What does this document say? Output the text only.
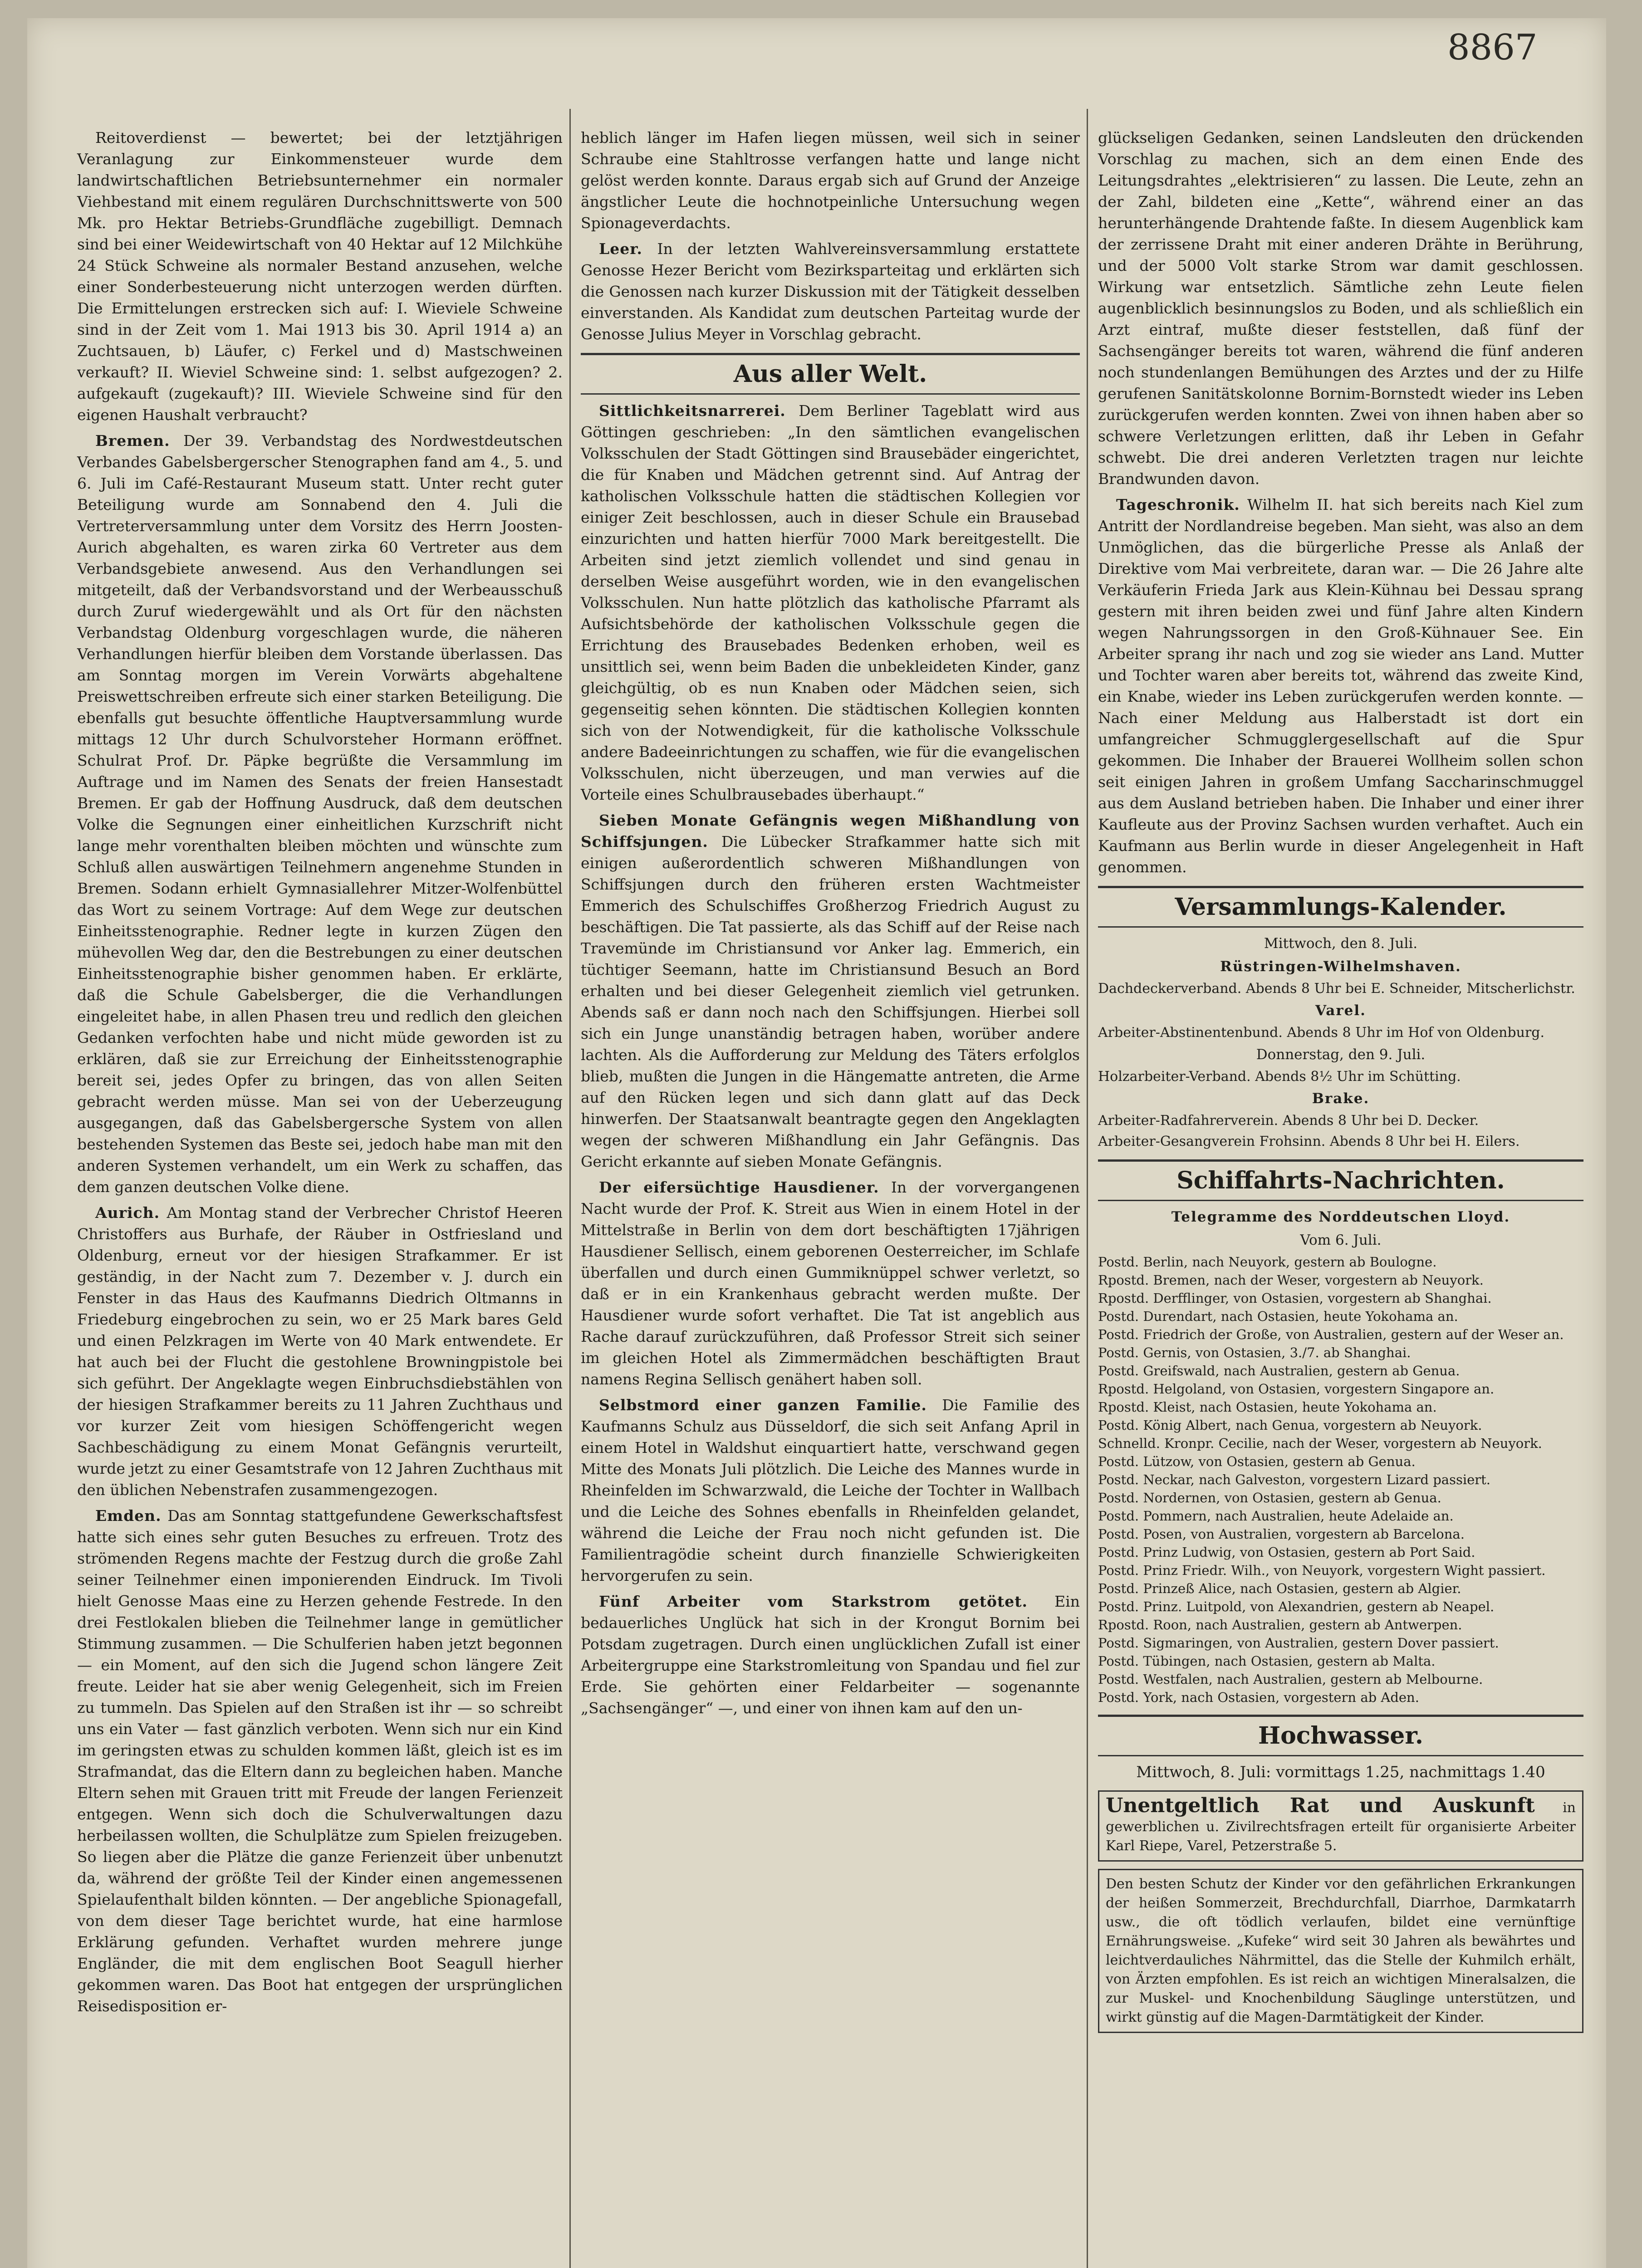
8867

Reitoverdienst — bewertet; bei der letztjährigen Veranlagung zur Einkommensteuer wurde dem landwirtschaftlichen Betriebsunternehmer ein normaler Viehbestand mit einem regulären Durchschnittswerte von 500 Mk. pro Hektar Betriebs-Grundfläche zugebilligt. Demnach sind bei einer Weidewirtschaft von 40 Hektar auf 12 Milchkühe 24 Stück Schweine als normaler Bestand anzusehen, welche einer Sonderbesteuerung nicht unterzogen werden dürften. Die Ermittelungen erstrecken sich auf: I. Wieviele Schweine sind in der Zeit vom 1. Mai 1913 bis 30. April 1914 a) an Zuchtsauen, b) Läufer, c) Ferkel und d) Mastschweinen verkauft? II. Wieviel Schweine sind: 1. selbst aufgezogen? 2. aufgekauft (zugekauft)? III. Wieviele Schweine sind für den eigenen Haushalt verbraucht?

Bremen. Der 39. Verbandstag des Nordwestdeutschen Verbandes Gabelsbergerscher Stenographen fand am 4., 5. und 6. Juli im Café-Restaurant Museum statt. Unter recht guter Beteiligung wurde am Sonnabend den 4. Juli die Vertreterversammlung unter dem Vorsitz des Herrn Joosten-Aurich abgehalten, es waren zirka 60 Vertreter aus dem Verbandsgebiete anwesend. Aus den Verhandlungen sei mitgeteilt, daß der Verbandsvorstand und der Werbeausschuß durch Zuruf wiedergewählt und als Ort für den nächsten Verbandstag Oldenburg vorgeschlagen wurde, die näheren Verhandlungen hierfür bleiben dem Vorstande überlassen. Das am Sonntag morgen im Verein Vorwärts abgehaltene Preiswettschreiben erfreute sich einer starken Beteiligung. Die ebenfalls gut besuchte öffentliche Hauptversammlung wurde mittags 12 Uhr durch Schulvorsteher Hormann eröffnet. Schulrat Prof. Dr. Päpke begrüßte die Versammlung im Auftrage und im Namen des Senats der freien Hansestadt Bremen. Er gab der Hoffnung Ausdruck, daß dem deutschen Volke die Segnungen einer einheitlichen Kurzschrift nicht lange mehr vorenthalten bleiben möchten und wünschte zum Schluß allen auswärtigen Teilnehmern angenehme Stunden in Bremen. Sodann erhielt Gymnasiallehrer Mitzer-Wolfenbüttel das Wort zu seinem Vortrage: Auf dem Wege zur deutschen Einheitsstenographie. Redner legte in kurzen Zügen den mühevollen Weg dar, den die Bestrebungen zu einer deutschen Einheitsstenographie bisher genommen haben. Er erklärte, daß die Schule Gabelsberger, die die Verhandlungen eingeleitet habe, in allen Phasen treu und redlich den gleichen Gedanken verfochten habe und nicht müde geworden ist zu erklären, daß sie zur Erreichung der Einheitsstenographie bereit sei, jedes Opfer zu bringen, das von allen Seiten gebracht werden müsse. Man sei von der Ueberzeugung ausgegangen, daß das Gabelsbergersche System von allen bestehenden Systemen das Beste sei, jedoch habe man mit den anderen Systemen verhandelt, um ein Werk zu schaffen, das dem ganzen deutschen Volke diene.

Aurich. Am Montag stand der Verbrecher Christof Heeren Christoffers aus Burhafe, der Räuber in Ostfriesland und Oldenburg, erneut vor der hiesigen Strafkammer. Er ist geständig, in der Nacht zum 7. Dezember v. J. durch ein Fenster in das Haus des Kaufmanns Diedrich Oltmanns in Friedeburg eingebrochen zu sein, wo er 25 Mark bares Geld und einen Pelzkragen im Werte von 40 Mark entwendete. Er hat auch bei der Flucht die gestohlene Browningpistole bei sich geführt. Der Angeklagte wegen Einbruchsdiebstählen von der hiesigen Strafkammer bereits zu 11 Jahren Zuchthaus und vor kurzer Zeit vom hiesigen Schöffengericht wegen Sachbeschädigung zu einem Monat Gefängnis verurteilt, wurde jetzt zu einer Gesamtstrafe von 12 Jahren Zuchthaus mit den üblichen Nebenstrafen zusammengezogen.

Emden. Das am Sonntag stattgefundene Gewerkschaftsfest hatte sich eines sehr guten Besuches zu erfreuen. Trotz des strömenden Regens machte der Festzug durch die große Zahl seiner Teilnehmer einen imponierenden Eindruck. Im Tivoli hielt Genosse Maas eine zu Herzen gehende Festrede. In den drei Festlokalen blieben die Teilnehmer lange in gemütlicher Stimmung zusammen. — Die Schulferien haben jetzt begonnen — ein Moment, auf den sich die Jugend schon längere Zeit freute. Leider hat sie aber wenig Gelegenheit, sich im Freien zu tummeln. Das Spielen auf den Straßen ist ihr — so schreibt uns ein Vater — fast gänzlich verboten. Wenn sich nur ein Kind im geringsten etwas zu schulden kommen läßt, gleich ist es im Strafmandat, das die Eltern dann zu begleichen haben. Manche Eltern sehen mit Grauen tritt mit Freude der langen Ferienzeit entgegen. Wenn sich doch die Schulverwaltungen dazu herbeilassen wollten, die Schulplätze zum Spielen freizugeben. So liegen aber die Plätze die ganze Ferienzeit über unbenutzt da, während der größte Teil der Kinder einen angemessenen Spielaufenthalt bilden könnten. — Der angebliche Spionagefall, von dem dieser Tage berichtet wurde, hat eine harmlose Erklärung gefunden. Verhaftet wurden mehrere junge Engländer, die mit dem englischen Boot Seagull hierher gekommen waren. Das Boot hat entgegen der ursprünglichen Reisedisposition er-

heblich länger im Hafen liegen müssen, weil sich in seiner Schraube eine Stahltrosse verfangen hatte und lange nicht gelöst werden konnte. Daraus ergab sich auf Grund der Anzeige ängstlicher Leute die hochnotpeinliche Untersuchung wegen Spionageverdachts.

Leer. In der letzten Wahlvereinsversammlung erstattete Genosse Hezer Bericht vom Bezirksparteitag und erklärten sich die Genossen nach kurzer Diskussion mit der Tätigkeit desselben einverstanden. Als Kandidat zum deutschen Parteitag wurde der Genosse Julius Meyer in Vorschlag gebracht.

Aus aller Welt.

Sittlichkeitsnarrerei. Dem Berliner Tageblatt wird aus Göttingen geschrieben: „In den sämtlichen evangelischen Volksschulen der Stadt Göttingen sind Brausebäder eingerichtet, die für Knaben und Mädchen getrennt sind. Auf Antrag der katholischen Volksschule hatten die städtischen Kollegien vor einiger Zeit beschlossen, auch in dieser Schule ein Brausebad einzurichten und hatten hierfür 7000 Mark bereitgestellt. Die Arbeiten sind jetzt ziemlich vollendet und sind genau in derselben Weise ausgeführt worden, wie in den evangelischen Volksschulen. Nun hatte plötzlich das katholische Pfarramt als Aufsichtsbehörde der katholischen Volksschule gegen die Errichtung des Brausebades Bedenken erhoben, weil es unsittlich sei, wenn beim Baden die unbekleideten Kinder, ganz gleichgültig, ob es nun Knaben oder Mädchen seien, sich gegenseitig sehen könnten. Die städtischen Kollegien konnten sich von der Notwendigkeit, für die katholische Volksschule andere Badeeinrichtungen zu schaffen, wie für die evangelischen Volksschulen, nicht überzeugen, und man verwies auf die Vorteile eines Schulbrausebades überhaupt.“

Sieben Monate Gefängnis wegen Mißhandlung von Schiffsjungen. Die Lübecker Strafkammer hatte sich mit einigen außerordentlich schweren Mißhandlungen von Schiffsjungen durch den früheren ersten Wachtmeister Emmerich des Schulschiffes Großherzog Friedrich August zu beschäftigen. Die Tat passierte, als das Schiff auf der Reise nach Travemünde im Christiansund vor Anker lag. Emmerich, ein tüchtiger Seemann, hatte im Christiansund Besuch an Bord erhalten und bei dieser Gelegenheit ziemlich viel getrunken. Abends saß er dann noch nach den Schiffsjungen. Hierbei soll sich ein Junge unanständig betragen haben, worüber andere lachten. Als die Aufforderung zur Meldung des Täters erfolglos blieb, mußten die Jungen in die Hängematte antreten, die Arme auf den Rücken legen und sich dann glatt auf das Deck hinwerfen. Der Staatsanwalt beantragte gegen den Angeklagten wegen der schweren Mißhandlung ein Jahr Gefängnis. Das Gericht erkannte auf sieben Monate Gefängnis.

Der eifersüchtige Hausdiener. In der vorvergangenen Nacht wurde der Prof. K. Streit aus Wien in einem Hotel in der Mittelstraße in Berlin von dem dort beschäftigten 17jährigen Hausdiener Sellisch, einem geborenen Oesterreicher, im Schlafe überfallen und durch einen Gummiknüppel schwer verletzt, so daß er in ein Krankenhaus gebracht werden mußte. Der Hausdiener wurde sofort verhaftet. Die Tat ist angeblich aus Rache darauf zurückzuführen, daß Professor Streit sich seiner im gleichen Hotel als Zimmermädchen beschäftigten Braut namens Regina Sellisch genähert haben soll.

Selbstmord einer ganzen Familie. Die Familie des Kaufmanns Schulz aus Düsseldorf, die sich seit Anfang April in einem Hotel in Waldshut einquartiert hatte, verschwand gegen Mitte des Monats Juli plötzlich. Die Leiche des Mannes wurde in Rheinfelden im Schwarzwald, die Leiche der Tochter in Wallbach und die Leiche des Sohnes ebenfalls in Rheinfelden gelandet, während die Leiche der Frau noch nicht gefunden ist. Die Familientragödie scheint durch finanzielle Schwierigkeiten hervorgerufen zu sein.

Fünf Arbeiter vom Starkstrom getötet. Ein bedauerliches Unglück hat sich in der Krongut Bornim bei Potsdam zugetragen. Durch einen unglücklichen Zufall ist einer Arbeitergruppe eine Starkstromleitung von Spandau und fiel zur Erde. Sie gehörten einer Feldarbeiter — sogenannte „Sachsengänger“ —, und einer von ihnen kam auf den un-

glückseligen Gedanken, seinen Landsleuten den drückenden Vorschlag zu machen, sich an dem einen Ende des Leitungsdrahtes „elektrisieren“ zu lassen. Die Leute, zehn an der Zahl, bildeten eine „Kette“, während einer an das herunterhängende Drahtende faßte. In diesem Augenblick kam der zerrissene Draht mit einer anderen Drähte in Berührung, und der 5000 Volt starke Strom war damit geschlossen. Wirkung war entsetzlich. Sämtliche zehn Leute fielen augenblicklich besinnungslos zu Boden, und als schließlich ein Arzt eintraf, mußte dieser feststellen, daß fünf der Sachsengänger bereits tot waren, während die fünf anderen noch stundenlangen Bemühungen des Arztes und der zu Hilfe gerufenen Sanitätskolonne Bornim-Bornstedt wieder ins Leben zurückgerufen werden konnten. Zwei von ihnen haben aber so schwere Verletzungen erlitten, daß ihr Leben in Gefahr schwebt. Die drei anderen Verletzten tragen nur leichte Brandwunden davon.

Tageschronik. Wilhelm II. hat sich bereits nach Kiel zum Antritt der Nordlandreise begeben. Man sieht, was also an dem Unmöglichen, das die bürgerliche Presse als Anlaß der Direktive vom Mai verbreitete, daran war. — Die 26 Jahre alte Verkäuferin Frieda Jark aus Klein-Kühnau bei Dessau sprang gestern mit ihren beiden zwei und fünf Jahre alten Kindern wegen Nahrungssorgen in den Groß-Kühnauer See. Ein Arbeiter sprang ihr nach und zog sie wieder ans Land. Mutter und Tochter waren aber bereits tot, während das zweite Kind, ein Knabe, wieder ins Leben zurückgerufen werden konnte. — Nach einer Meldung aus Halberstadt ist dort ein umfangreicher Schmugglergesellschaft auf die Spur gekommen. Die Inhaber der Brauerei Wollheim sollen schon seit einigen Jahren in großem Umfang Saccharinschmuggel aus dem Ausland betrieben haben. Die Inhaber und einer ihrer Kaufleute aus der Provinz Sachsen wurden verhaftet. Auch ein Kaufmann aus Berlin wurde in dieser Angelegenheit in Haft genommen.

Versammlungs-Kalender.
Mittwoch, den 8. Juli.
Rüstringen-Wilhelmshaven.

Dachdeckerverband. Abends 8 Uhr bei E. Schneider, Mitscherlichstr.

Varel.

Arbeiter-Abstinentenbund. Abends 8 Uhr im Hof von Oldenburg.

Donnerstag, den 9. Juli.

Holzarbeiter-Verband. Abends 8½ Uhr im Schütting.

Brake.

Arbeiter-Radfahrerverein. Abends 8 Uhr bei D. Decker.

Arbeiter-Gesangverein Frohsinn. Abends 8 Uhr bei H. Eilers.

Schiffahrts-Nachrichten.
Telegramme des Norddeutschen Lloyd.
Vom 6. Juli.

Postd. Berlin, nach Neuyork, gestern ab Boulogne.

Rpostd. Bremen, nach der Weser, vorgestern ab Neuyork.

Rpostd. Derfflinger, von Ostasien, vorgestern ab Shanghai.

Postd. Durendart, nach Ostasien, heute Yokohama an.

Postd. Friedrich der Große, von Australien, gestern auf der Weser an.

Postd. Gernis, von Ostasien, 3./7. ab Shanghai.

Postd. Greifswald, nach Australien, gestern ab Genua.

Rpostd. Helgoland, von Ostasien, vorgestern Singapore an.

Rpostd. Kleist, nach Ostasien, heute Yokohama an.

Postd. König Albert, nach Genua, vorgestern ab Neuyork.

Schnelld. Kronpr. Cecilie, nach der Weser, vorgestern ab Neuyork.

Postd. Lützow, von Ostasien, gestern ab Genua.

Postd. Neckar, nach Galveston, vorgestern Lizard passiert.

Postd. Nordernen, von Ostasien, gestern ab Genua.

Postd. Pommern, nach Australien, heute Adelaide an.

Postd. Posen, von Australien, vorgestern ab Barcelona.

Postd. Prinz Ludwig, von Ostasien, gestern ab Port Said.

Postd. Prinz Friedr. Wilh., von Neuyork, vorgestern Wight passiert.

Postd. Prinzeß Alice, nach Ostasien, gestern ab Algier.

Postd. Prinz. Luitpold, von Alexandrien, gestern ab Neapel.

Rpostd. Roon, nach Australien, gestern ab Antwerpen.

Postd. Sigmaringen, von Australien, gestern Dover passiert.

Postd. Tübingen, nach Ostasien, gestern ab Malta.

Postd. Westfalen, nach Australien, gestern ab Melbourne.

Postd. York, nach Ostasien, vorgestern ab Aden.

Hochwasser.
Mittwoch, 8. Juli: vormittags 1.25, nachmittags 1.40
Unentgeltlich Rat und Auskunft in gewerblichen u. Zivilrechtsfragen erteilt für organisierte Arbeiter Karl Riepe, Varel, Petzerstraße 5.
Den besten Schutz der Kinder vor den gefährlichen Erkrankungen der heißen Sommerzeit, Brechdurchfall, Diarrhoe, Darmkatarrh usw., die oft tödlich verlaufen, bildet eine vernünftige Ernährungsweise. „Kufeke“ wird seit 30 Jahren als bewährtes und leichtverdauliches Nährmittel, das die Stelle der Kuhmilch erhält, von Ärzten empfohlen. Es ist reich an wichtigen Mineralsalzen, die zur Muskel- und Knochenbildung Säuglinge unterstützen, und wirkt günstig auf die Magen-Darmtätigkeit der Kinder.
